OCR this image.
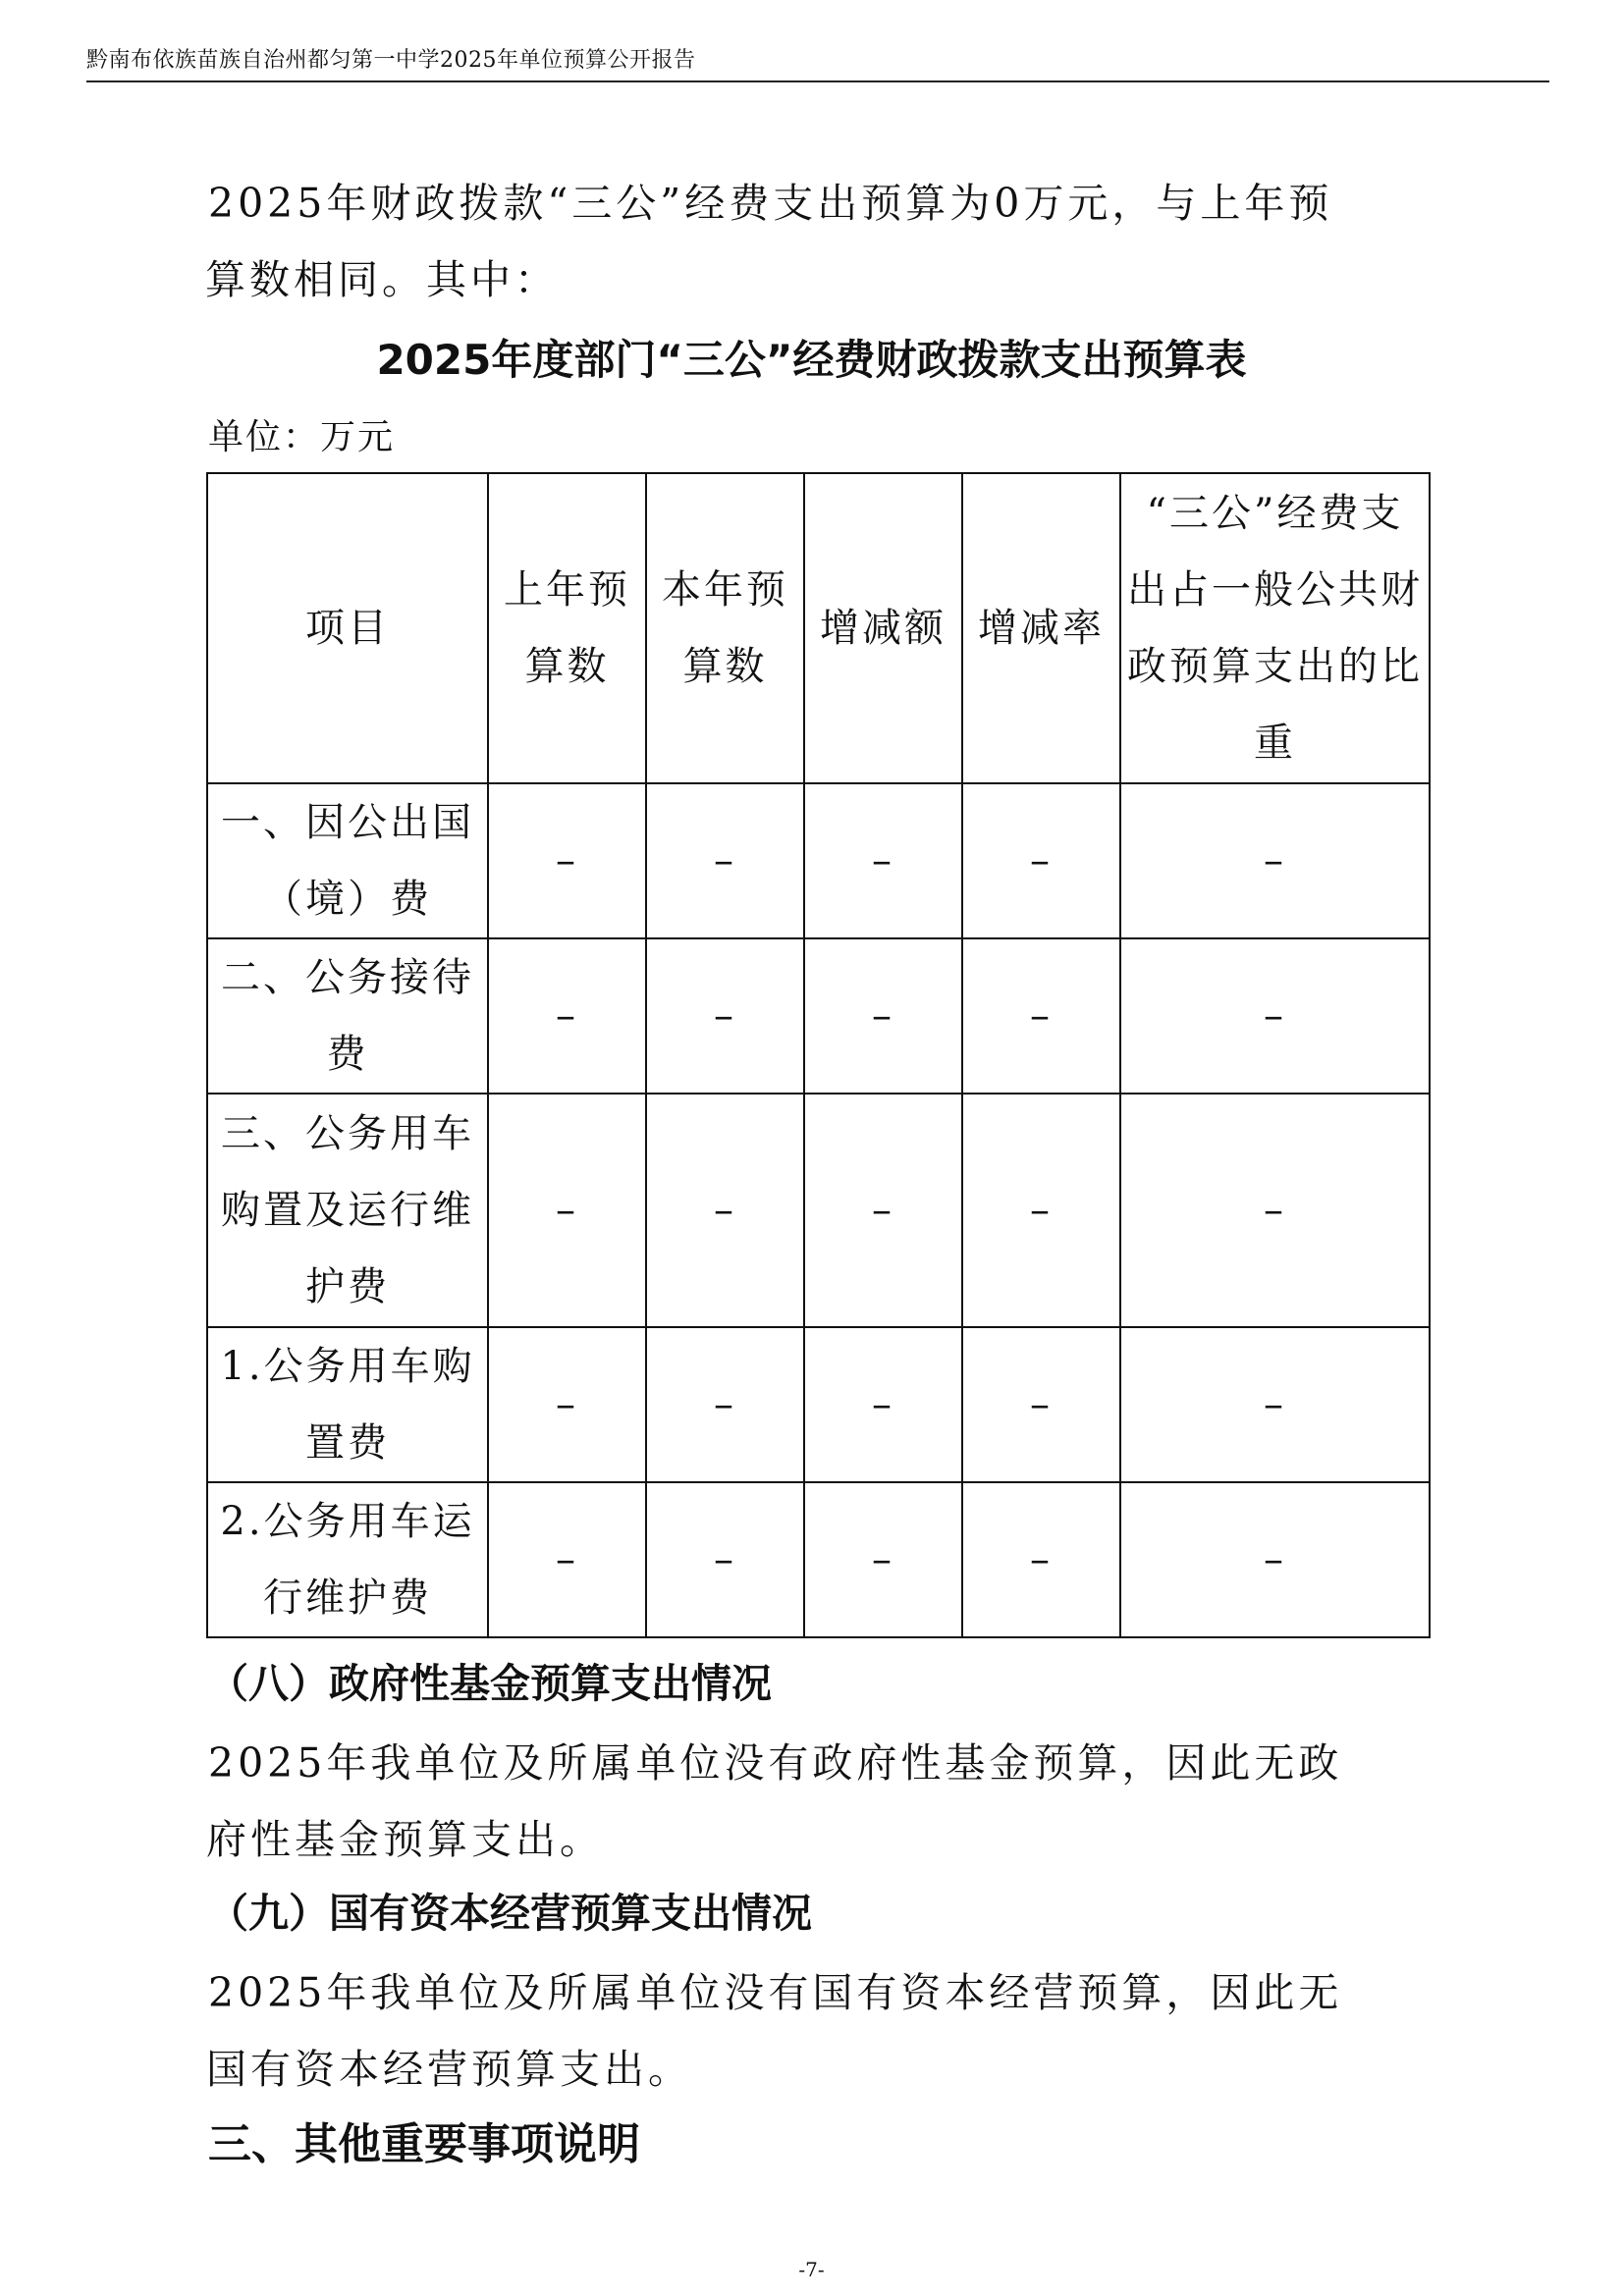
黔南布依族苗族自治州都匀第一中学2025年单位预算公开报告
2025年财政拨款“三公”经费支出预算为0万元，与上年预
算数相同。其中：
2025年度部门“三公”经费财政拨款支出预算表
单位：万元
项目	上年预算数	本年预算数	增减额	增减率	“三公”经费支出占一般公共财政预算支出的比重
一、因公出国（境）费	–	–	–	–	–
二、公务接待费	–	–	–	–	–
三、公务用车购置及运行维护费	–	–	–	–	–
1.公务用车购置费	–	–	–	–	–
2.公务用车运行维护费	–	–	–	–	–
（八）政府性基金预算支出情况
2025年我单位及所属单位没有政府性基金预算，因此无政
府性基金预算支出。
（九）国有资本经营预算支出情况
2025年我单位及所属单位没有国有资本经营预算，因此无
国有资本经营预算支出。
三、其他重要事项说明
-7-
